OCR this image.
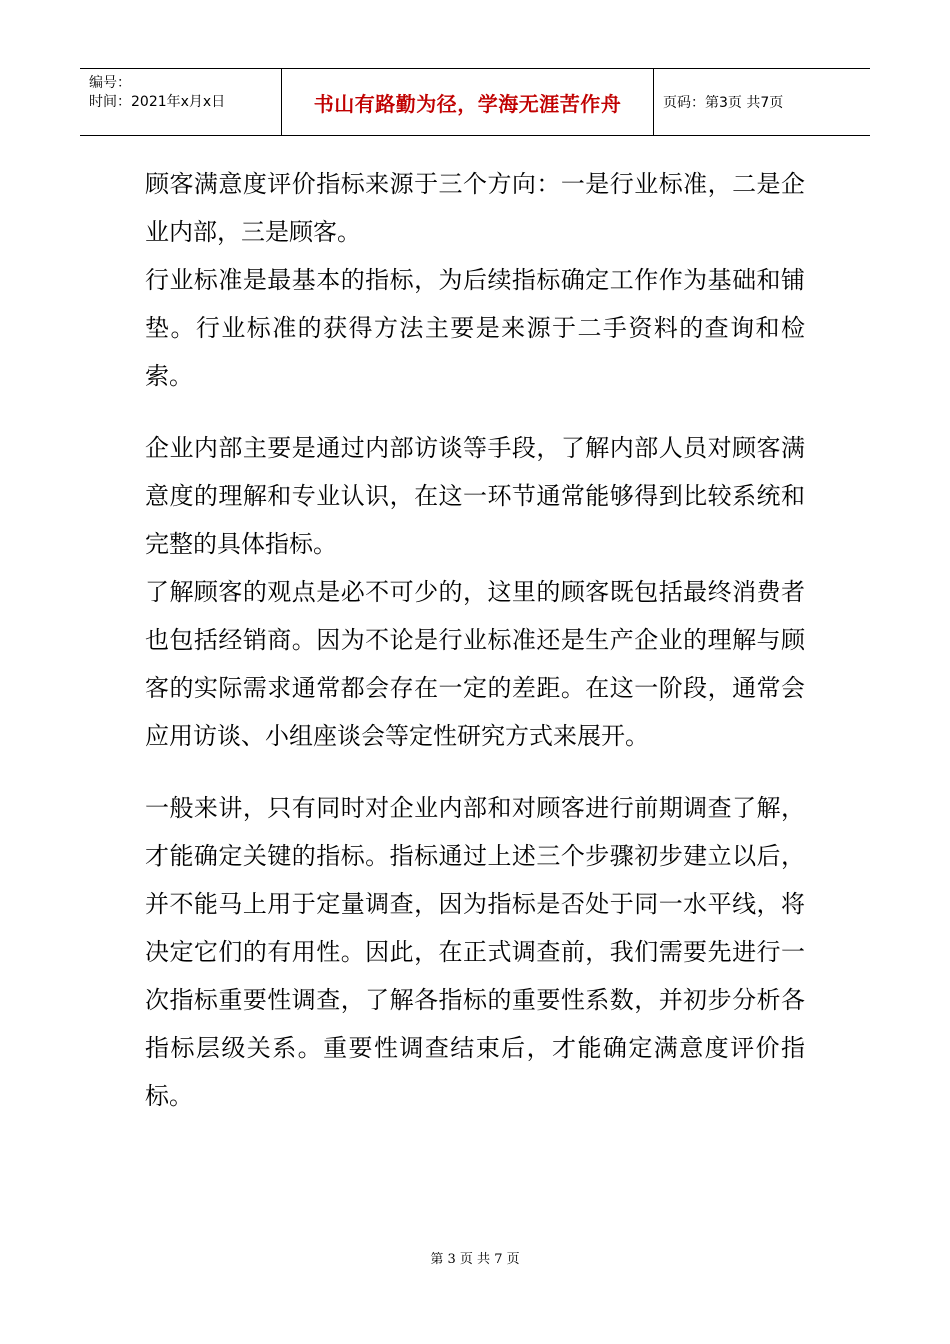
编号：
时间：2021年x月x日	书山有路勤为径，学海无涯苦作舟	页码：第3页 共7页

顾客满意度评价指标来源于三个方向：一是行业标准，二是企业内部，三是顾客。

行业标准是最基本的指标，为后续指标确定工作作为基础和铺垫。行业标准的获得方法主要是来源于二手资料的查询和检索。

企业内部主要是通过内部访谈等手段，了解内部人员对顾客满意度的理解和专业认识，在这一环节通常能够得到比较系统和完整的具体指标。

了解顾客的观点是必不可少的，这里的顾客既包括最终消费者也包括经销商。因为不论是行业标准还是生产企业的理解与顾客的实际需求通常都会存在一定的差距。在这一阶段，通常会应用访谈、小组座谈会等定性研究方式来展开。

一般来讲，只有同时对企业内部和对顾客进行前期调查了解，才能确定关键的指标。指标通过上述三个步骤初步建立以后，并不能马上用于定量调查，因为指标是否处于同一水平线，将决定它们的有用性。因此，在正式调查前，我们需要先进行一次指标重要性调查，了解各指标的重要性系数，并初步分析各指标层级关系。重要性调查结束后，才能确定满意度评价指标。

第 3 页 共 7 页
